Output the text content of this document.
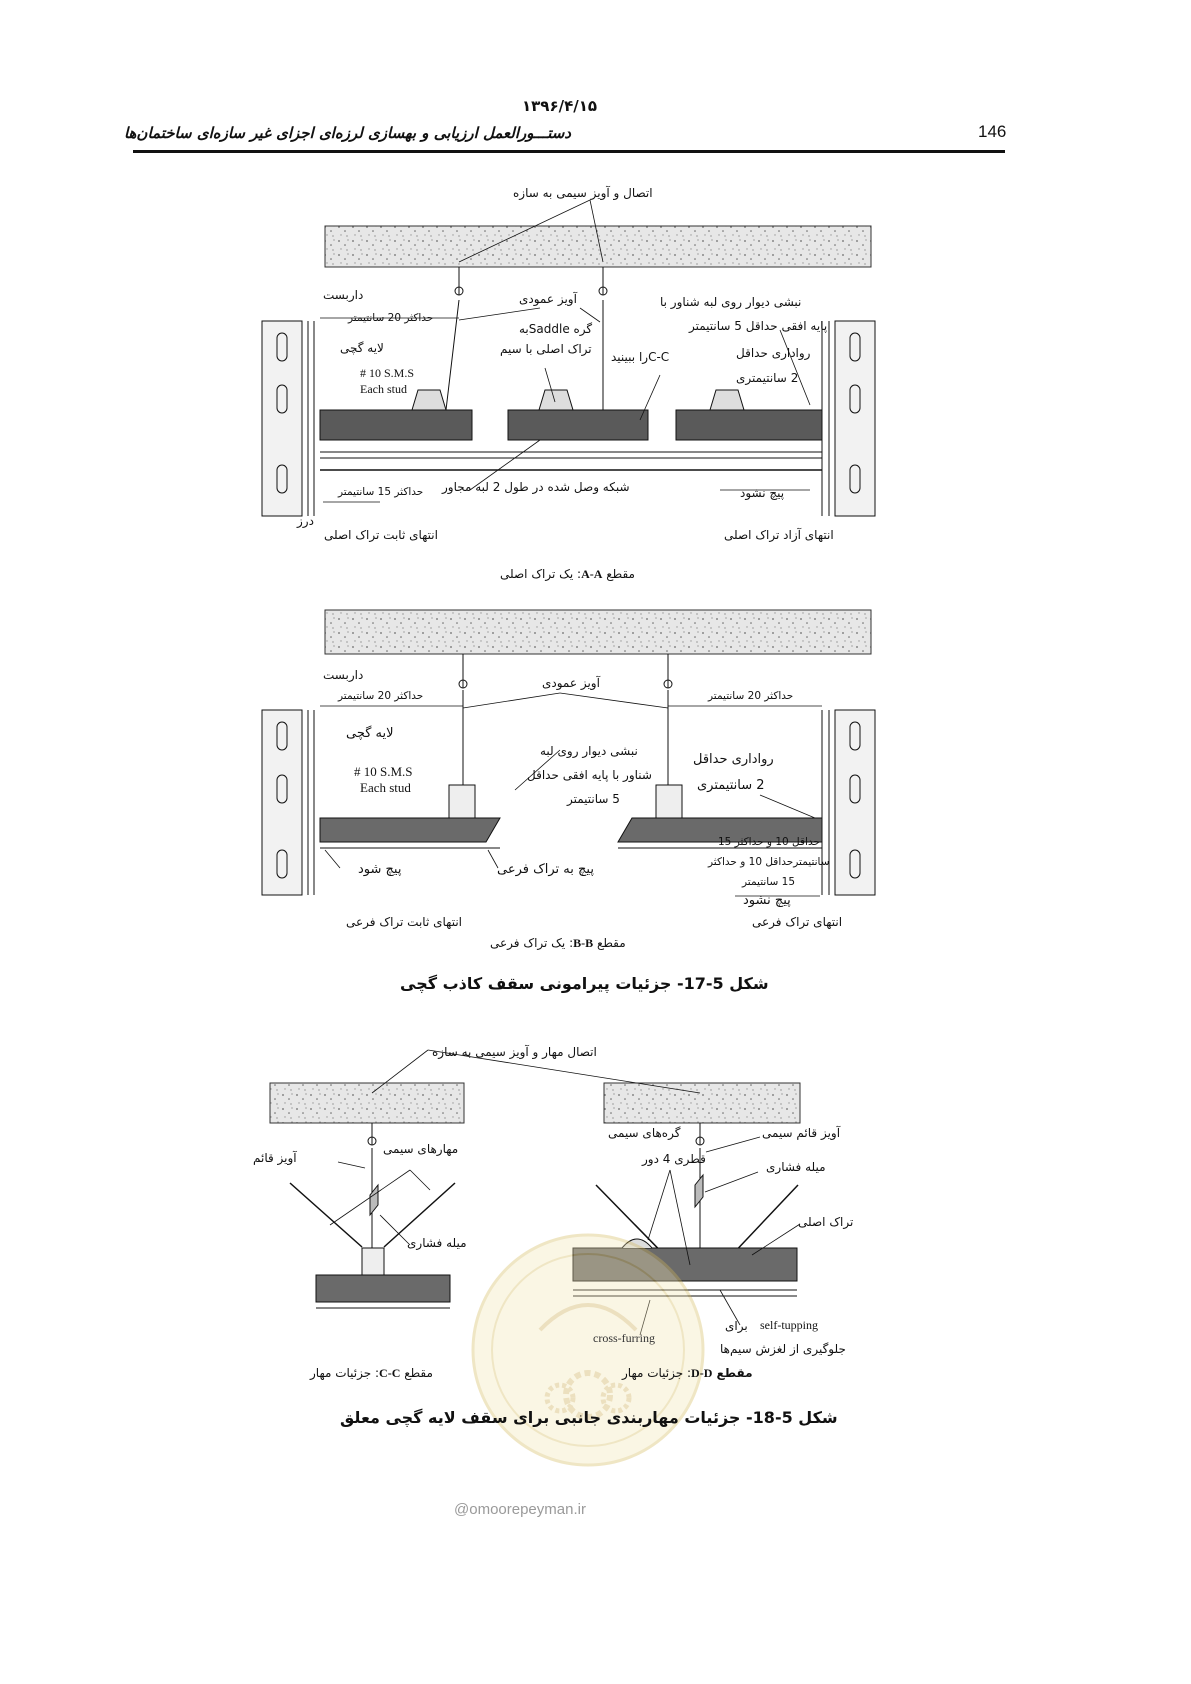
۱۳۹۶/۴/۱۵
دستـــورالعمل ارزیابی و بهسازی لرزه‌ای اجزای غیر سازه‌ای ساختمان‌ها	146
اتصال و آویز سیمی به سازه
داربست
حداکثر 20 سانتیمتر
آویز عمودی	نبشی دیوار روی لبه شناور با
پایه افقی حداقل 5 سانتیمتر
گره Saddleبه
تراک اصلی با سیم
لایه گچی
C-Cرا ببینید	رواداری حداقل
2 سانتیمتری
# 10 S.M.S
Each stud
شبکه وصل شده در طول 2 لبه مجاور
حداکثر 15 سانتیمتر	پیچ نشود
درز
انتهای ثابت تراک اصلی	انتهای آزاد تراک اصلی
مقطع A-A: یک تراک اصلی
داربست
حداکثر 20 سانتیمتر
آویز عمودی
حداکثر 20 سانتیمتر
لایه گچی
نبشی دیوار روی لبه
شناور با پایه افقی حداقل
5 سانتیمتر
رواداری حداقل
2 سانتیمتری
# 10 S.M.S
Each stud
حداقل 10 و حداکثر 15
سانتیمترحداقل 10 و حداکثر
15 سانتیمتر
پیچ شود	پیچ به تراک فرعی
پیچ نشود
انتهای ثابت تراک فرعی	انتهای تراک فرعی
مقطع B-B: یک تراک فرعی
شکل 5-17- جزئیات پیرامونی سقف کاذب گچی
اتصال مهار و آویز سیمی به سازه
آویز قائم
مهارهای سیمی
میله فشاری
گره‌های سیمی
قطری 4 دور
آویز قائم سیمی
میله فشاری
تراک اصلی
self-tupping
برای
cross-furring
جلوگیری از لغزش سیم‌ها
مقطع C-C: جزئیات مهار	مقطع D-D: جزئیات مهار
شکل 5-18- جزئیات مهاربندی جانبی برای سقف لایه گچی معلق
@omoorepeyman.ir
